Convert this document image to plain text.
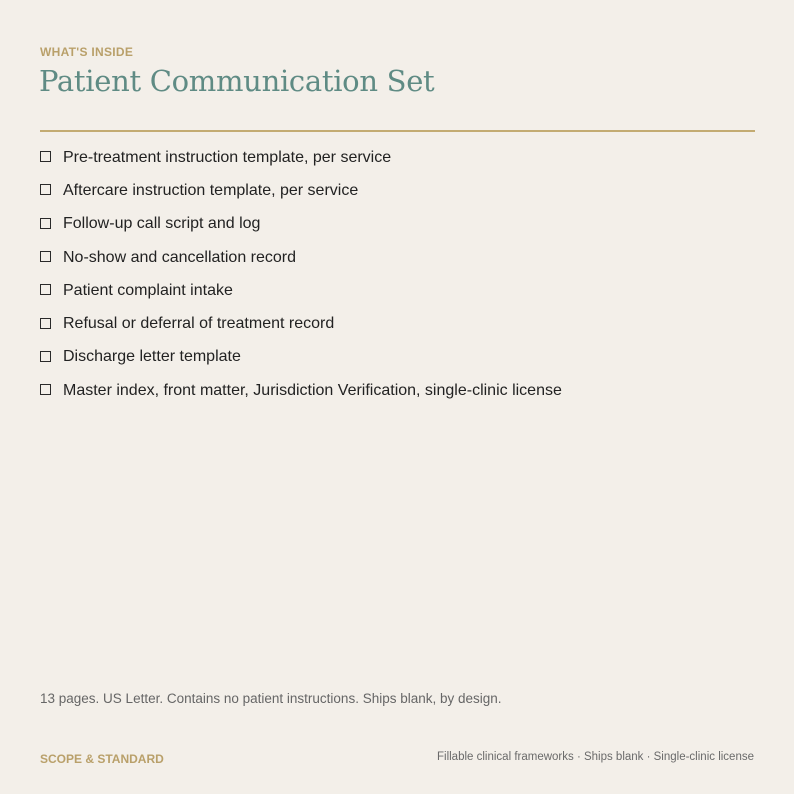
WHAT'S INSIDE
Patient Communication Set
Pre-treatment instruction template, per service
Aftercare instruction template, per service
Follow-up call script and log
No-show and cancellation record
Patient complaint intake
Refusal or deferral of treatment record
Discharge letter template
Master index, front matter, Jurisdiction Verification, single-clinic license
13 pages. US Letter. Contains no patient instructions. Ships blank, by design.
SCOPE & STANDARD	Fillable clinical frameworks · Ships blank · Single-clinic license
